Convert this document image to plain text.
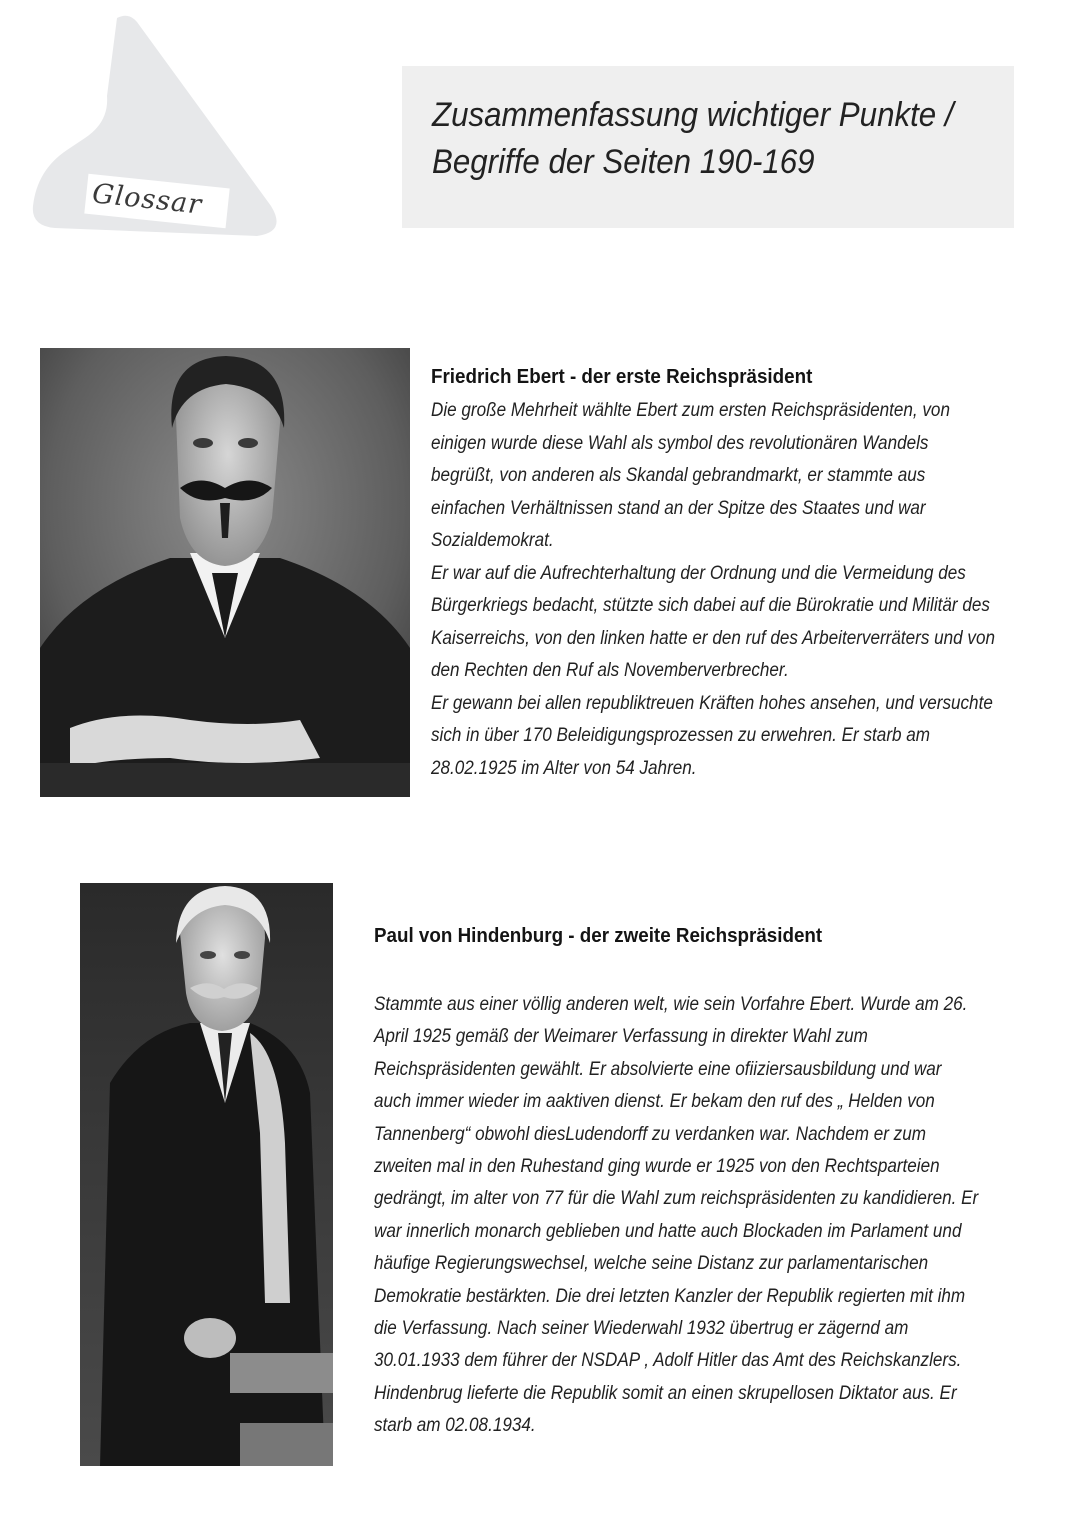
Glossar
Zusammenfassung wichtiger Punkte /
Begriffe der Seiten 190-169
Friedrich Ebert - der erste Reichspräsident
Die große Mehrheit wählte Ebert zum ersten Reichspräsidenten, von
einigen wurde diese Wahl als symbol des revolutionären Wandels
begrüßt, von anderen als Skandal gebrandmarkt, er stammte aus
einfachen Verhältnissen stand an der Spitze des Staates und war
Sozialdemokrat.
Er war auf die Aufrechterhaltung der Ordnung und die Vermeidung des
Bürgerkriegs bedacht, stützte sich dabei auf die Bürokratie und Militär des
Kaiserreichs, von den linken hatte er den ruf des Arbeiterverräters und von
den Rechten den Ruf als Novemberverbrecher.
Er gewann bei allen republiktreuen Kräften hohes ansehen, und versuchte
sich in über 170 Beleidigungsprozessen zu erwehren. Er starb am
28.02.1925 im Alter von 54 Jahren.
Paul von Hindenburg - der zweite Reichspräsident
Stammte aus einer völlig anderen welt, wie sein Vorfahre Ebert. Wurde am 26.
April 1925 gemäß der Weimarer Verfassung in direkter Wahl zum
Reichspräsidenten gewählt. Er absolvierte eine ofiiziersausbildung und war
auch immer wieder im aaktiven dienst. Er bekam den ruf des „ Helden von
Tannenberg“ obwohl diesLudendorff zu verdanken war. Nachdem er zum
zweiten mal in den Ruhestand ging wurde er 1925 von den Rechtsparteien
gedrängt, im alter von 77 für die Wahl zum reichspräsidenten zu kandidieren. Er
war innerlich monarch geblieben und hatte auch Blockaden im Parlament und
häufige Regierungswechsel, welche seine Distanz zur parlamentarischen
Demokratie bestärkten. Die drei letzten Kanzler der Republik regierten mit ihm
die Verfassung. Nach seiner Wiederwahl 1932 übertrug er zägernd am
30.01.1933 dem führer der NSDAP , Adolf Hitler das Amt des Reichskanzlers.
Hindenbrug lieferte die Republik somit an einen skrupellosen Diktator aus. Er
starb am 02.08.1934.
